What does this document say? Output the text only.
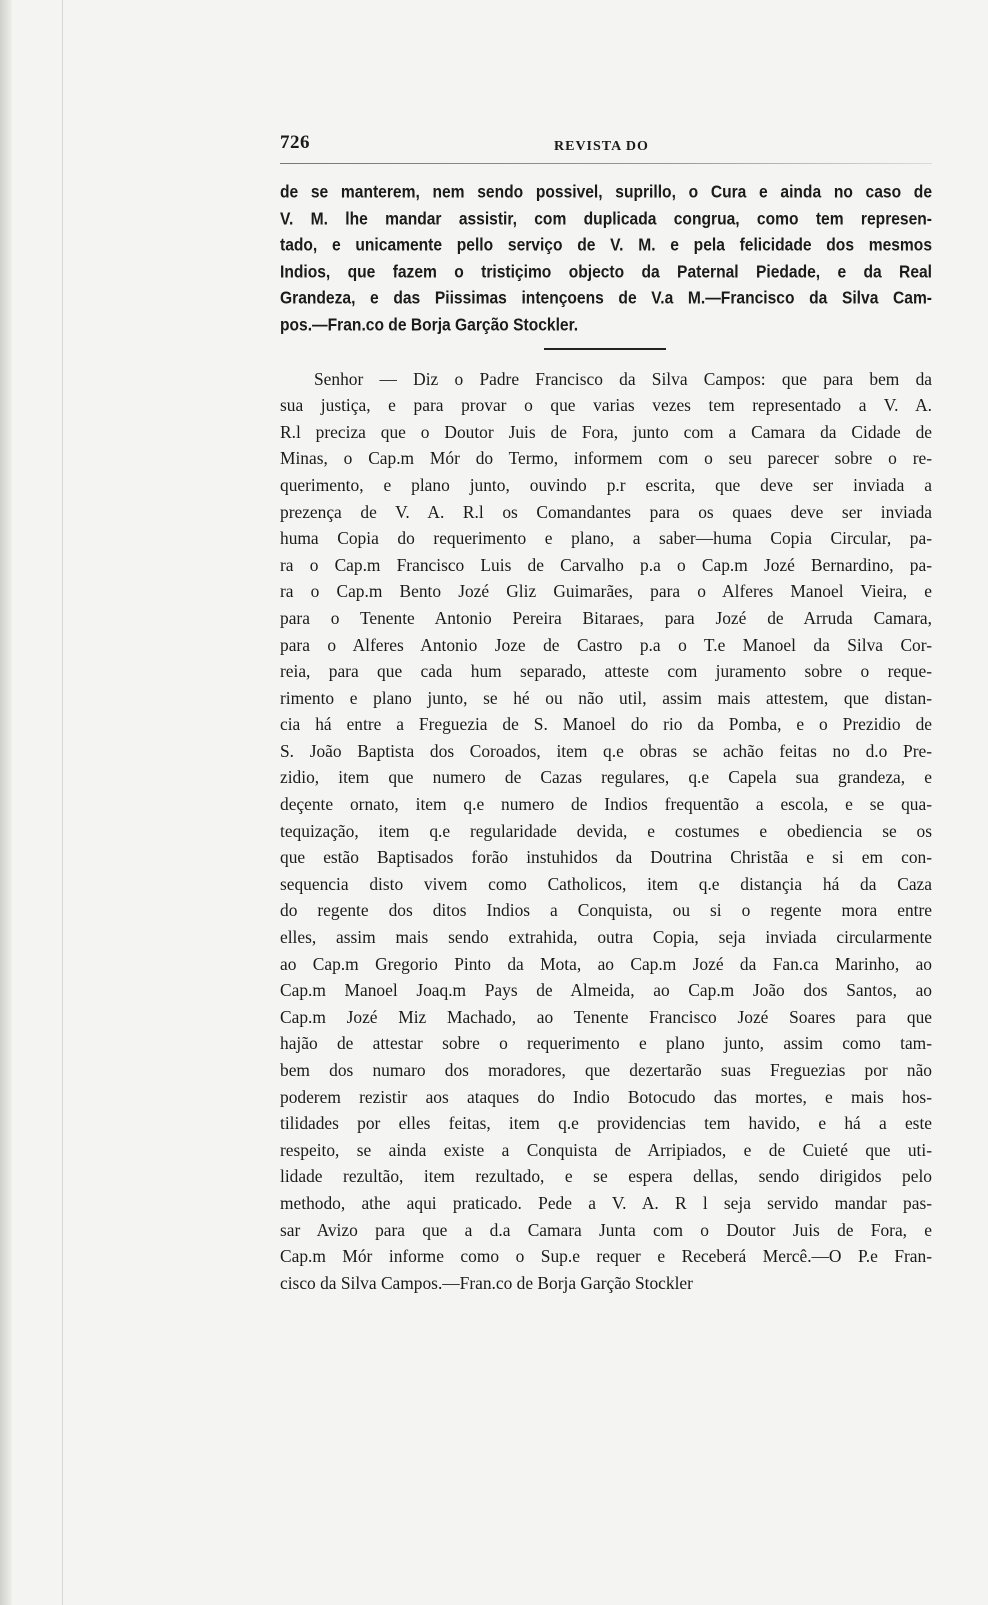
726	REVISTA DO
de se manterem, nem sendo possivel, suprillo, o Cura e ainda no caso de
V. M. lhe mandar assistir, com duplicada congrua, como tem represen-
tado, e unicamente pello serviço de V. M. e pela felicidade dos mesmos
Indios, que fazem o tristiçimo objecto da Paternal Piedade, e da Real
Grandeza, e das Piissimas intençoens de V.a M.—Francisco da Silva Cam-
pos.—Fran.co de Borja Garção Stockler.
Senhor — Diz o Padre Francisco da Silva Campos: que para bem da
sua justiça, e para provar o que varias vezes tem representado a V. A.
R.l preciza que o Doutor Juis de Fora, junto com a Camara da Cidade de
Minas, o Cap.m Mór do Termo, informem com o seu parecer sobre o re-
querimento, e plano junto, ouvindo p.r escrita, que deve ser inviada a
prezença de V. A. R.l os Comandantes para os quaes deve ser inviada
huma Copia do requerimento e plano, a saber—huma Copia Circular, pa-
ra o Cap.m Francisco Luis de Carvalho p.a o Cap.m Jozé Bernardino, pa-
ra o Cap.m Bento Jozé Gliz Guimarães, para o Alferes Manoel Vieira, e
para o Tenente Antonio Pereira Bitaraes, para Jozé de Arruda Camara,
para o Alferes Antonio Joze de Castro p.a o T.e Manoel da Silva Cor-
reia, para que cada hum separado, atteste com juramento sobre o reque-
rimento e plano junto, se hé ou não util, assim mais attestem, que distan-
cia há entre a Freguezia de S. Manoel do rio da Pomba, e o Prezidio de
S. João Baptista dos Coroados, item q.e obras se achão feitas no d.o Pre-
zidio, item que numero de Cazas regulares, q.e Capela sua grandeza, e
deçente ornato, item q.e numero de Indios frequentão a escola, e se qua-
tequização, item q.e regularidade devida, e costumes e obediencia se os
que estão Baptisados forão instuhidos da Doutrina Christãa e si em con-
sequencia disto vivem como Catholicos, item q.e distançia há da Caza
do regente dos ditos Indios a Conquista, ou si o regente mora entre
elles, assim mais sendo extrahida, outra Copia, seja inviada circularmente
ao Cap.m Gregorio Pinto da Mota, ao Cap.m Jozé da Fan.ca Marinho, ao
Cap.m Manoel Joaq.m Pays de Almeida, ao Cap.m João dos Santos, ao
Cap.m Jozé Miz Machado, ao Tenente Francisco Jozé Soares para que
hajão de attestar sobre o requerimento e plano junto, assim como tam-
bem dos numaro dos moradores, que dezertarão suas Freguezias por não
poderem rezistir aos ataques do Indio Botocudo das mortes, e mais hos-
tilidades por elles feitas, item q.e providencias tem havido, e há a este
respeito, se ainda existe a Conquista de Arripiados, e de Cuieté que uti-
lidade rezultão, item rezultado, e se espera dellas, sendo dirigidos pelo
methodo, athe aqui praticado. Pede a V. A. R l seja servido mandar pas-
sar Avizo para que a d.a Camara Junta com o Doutor Juis de Fora, e
Cap.m Mór informe como o Sup.e requer e Receberá Mercê.—O P.e Fran-
cisco da Silva Campos.—Fran.co de Borja Garção Stockler
